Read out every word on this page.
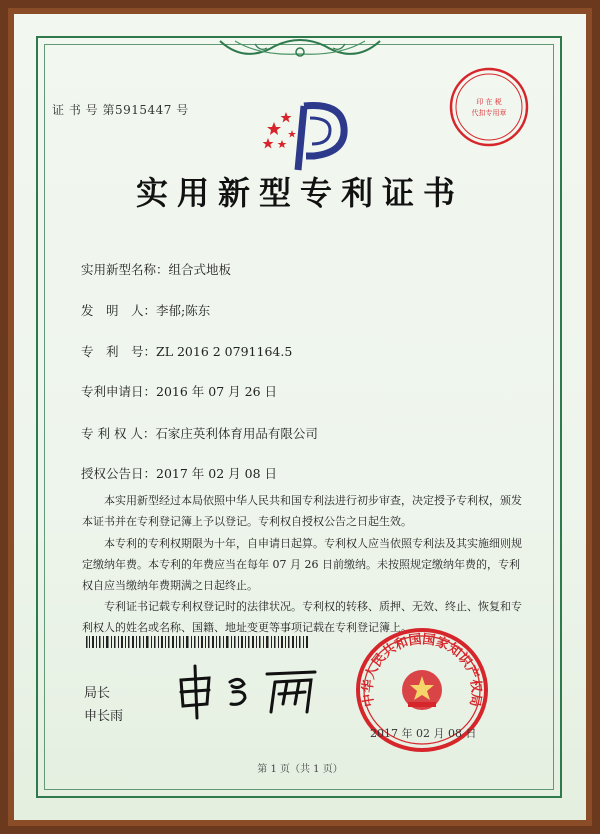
证 书 号 第5915447 号
印 在 税
代扣专用章
实用新型专利证书
实用新型名称：组合式地板
发　明　人：李郁;陈东
专　利　号：ZL 2016 2 0791164.5
专利申请日：2016 年 07 月 26 日
专 利 权 人：石家庄英利体育用品有限公司
授权公告日：2017 年 02 月 08 日
本实用新型经过本局依照中华人民共和国专利法进行初步审查，决定授予专利权，颁发本证书并在专利登记簿上予以登记。专利权自授权公告之日起生效。
本专利的专利权期限为十年，自申请日起算。专利权人应当依照专利法及其实施细则规定缴纳年费。本专利的年费应当在每年 07 月 26 日前缴纳。未按照规定缴纳年费的，专利权自应当缴纳年费期满之日起终止。
专利证书记载专利权登记时的法律状况。专利权的转移、质押、无效、终止、恢复和专利权人的姓名或名称、国籍、地址变更等事项记载在专利登记簿上。
局长
申长雨
中华人民共和国国家知识产权局
2017 年 02 月 08 日
第 1 页（共 1 页）
